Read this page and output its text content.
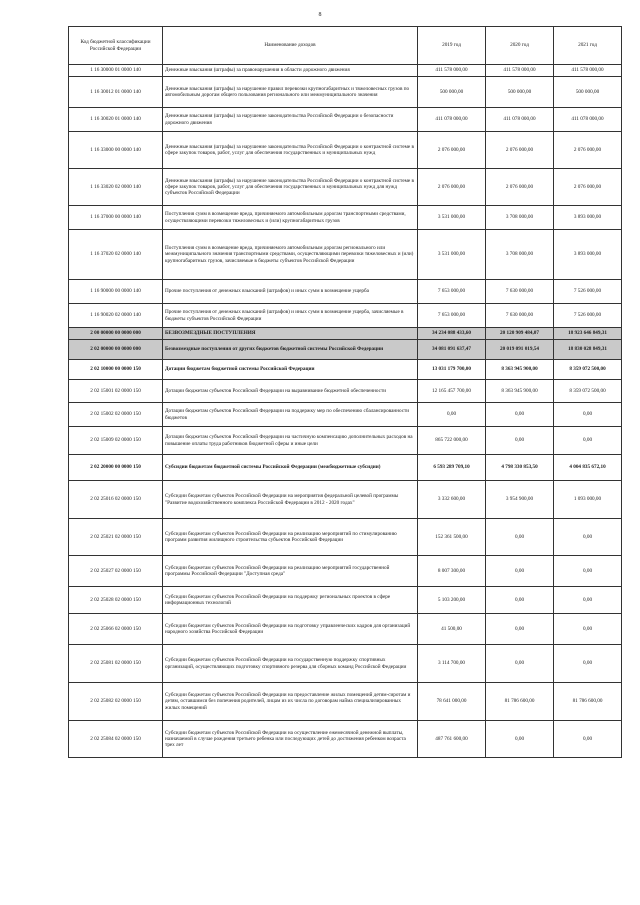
8
Код бюджетной классификации Российской Федерации	Наименование доходов	2019 год	2020 год	2021 год
1 16 30000 01 0000 140	Денежные взыскания (штрафы) за правонарушения в области дорожного движения	411 578 000,00	411 578 000,00	411 578 000,00
1 16 30012 01 0000 140	Денежные взыскания (штрафы) за нарушение правил перевозки крупногабаритных и тяжеловесных грузов по автомобильным дорогам общего пользования регионального или межмуниципального значения	500 000,00	500 000,00	500 000,00
1 16 30020 01 0000 140	Денежные взыскания (штрафы) за нарушение законодательства Российской Федерации о безопасности дорожного движения	411 078 000,00	411 078 000,00	411 078 000,00
1 16 33000 00 0000 140	Денежные взыскания (штрафы) за нарушение законодательства Российской Федерации о контрактной системе в сфере закупок товаров, работ, услуг для обеспечения государственных и муниципальных нужд	2 076 000,00	2 076 000,00	2 076 000,00
1 16 33020 02 0000 140	Денежные взыскания (штрафы) за нарушение законодательства Российской Федерации о контрактной системе в сфере закупок товаров, работ, услуг для обеспечения государственных и муниципальных нужд для нужд субъектов Российской Федерации	2 076 000,00	2 076 000,00	2 076 000,00
1 16 37000 00 0000 140	Поступления сумм в возмещение вреда, причиняемого автомобильным дорогам транспортными средствами, осуществляющими перевозки тяжеловесных и (или) крупногабаритных грузов	3 531 000,00	3 708 000,00	3 893 000,00
1 16 37020 02 0000 140	Поступления сумм в возмещение вреда, причиняемого автомобильным дорогам регионального или межмуниципального значения транспортными средствами, осуществляющими перевозки тяжеловесных и (или) крупногабаритных грузов, зачисляемые в бюджеты субъектов Российской Федерации	3 531 000,00	3 708 000,00	3 893 000,00
1 16 90000 00 0000 140	Прочие поступления от денежных взысканий (штрафов) и иных сумм в возмещение ущерба	7 653 000,00	7 630 000,00	7 526 000,00
1 16 90020 02 0000 140	Прочие поступления от денежных взысканий (штрафов) и иных сумм в возмещение ущерба, зачисляемые в бюджеты субъектов Российской Федерации	7 653 000,00	7 630 000,00	7 526 000,00
2 00 00000 00 0000 000	БЕЗВОЗМЕЗДНЫЕ ПОСТУПЛЕНИЯ	34 234 088 433,60	20 120 909 484,07	18 923 646 849,31
2 02 00000 00 0000 000	Безвозмездные поступления от других бюджетов бюджетной системы Российской Федерации	34 081 091 637,47	20 019 091 019,54	18 830 028 849,31
2 02 10000 00 0000 150	Дотации бюджетам бюджетной системы Российской Федерации	13 031 179 700,00	8 363 945 900,00	8 359 072 500,00
2 02 15001 02 0000 150	Дотации бюджетам субъектов Российской Федерации на выравнивание бюджетной обеспеченности	12 165 457 700,00	8 363 945 900,00	8 359 072 500,00
2 02 15002 02 0000 150	Дотации бюджетам субъектов Российской Федерации на поддержку мер по обеспечению сбалансированности бюджетов	0,00	0,00	0,00
2 02 15009 02 0000 150	Дотации бюджетам субъектов Российской Федерации на частичную компенсацию дополнительных расходов на повышение оплаты труда работников бюджетной сферы и иные цели	865 722 000,00	0,00	0,00
2 02 20000 00 0000 150	Субсидии бюджетам бюджетной системы Российской Федерации (межбюджетные субсидии)	6 593 289 709,10	4 798 330 853,50	4 004 835 672,10
2 02 25016 02 0000 150	Субсидии бюджетам субъектов Российской Федерации на мероприятия федеральной целевой программы "Развитие водохозяйственного комплекса Российской Федерации в 2012 - 2020 годах"	3 332 600,00	3 954 900,00	1 093 000,00
2 02 25021 02 0000 150	Субсидии бюджетам субъектов Российской Федерации на реализацию мероприятий по стимулированию программ развития жилищного строительства субъектов Российской Федерации	152 361 500,00	0,00	0,00
2 02 25027 02 0000 150	Субсидии бюджетам субъектов Российской Федерации на реализацию мероприятий государственной программы Российской Федерации "Доступная среда"	8 007 300,00	0,00	0,00
2 02 25028 02 0000 150	Субсидии бюджетам субъектов Российской Федерации на поддержку региональных проектов в сфере информационных технологий	5 103 200,00	0,00	0,00
2 02 25066 02 0000 150	Субсидии бюджетам субъектов Российской Федерации на подготовку управленческих кадров для организаций народного хозяйства Российской Федерации	41 500,00	0,00	0,00
2 02 25081 02 0000 150	Субсидии бюджетам субъектов Российской Федерации на государственную поддержку спортивных организаций, осуществляющих подготовку спортивного резерва для сборных команд Российской Федерации	3 114 700,00	0,00	0,00
2 02 25082 02 0000 150	Субсидии бюджетам субъектов Российской Федерации на предоставление жилых помещений детям-сиротам и детям, оставшимся без попечения родителей, лицам из их числа по договорам найма специализированных жилых помещений	78 641 000,00	81 786 600,00	81 786 600,00
2 02 25084 02 0000 150	Субсидии бюджетам субъектов Российской Федерации на осуществление ежемесячной денежной выплаты, назначаемой в случае рождения третьего ребенка или последующих детей до достижения ребенком возраста трех лет	487 761 600,00	0,00	0,00
